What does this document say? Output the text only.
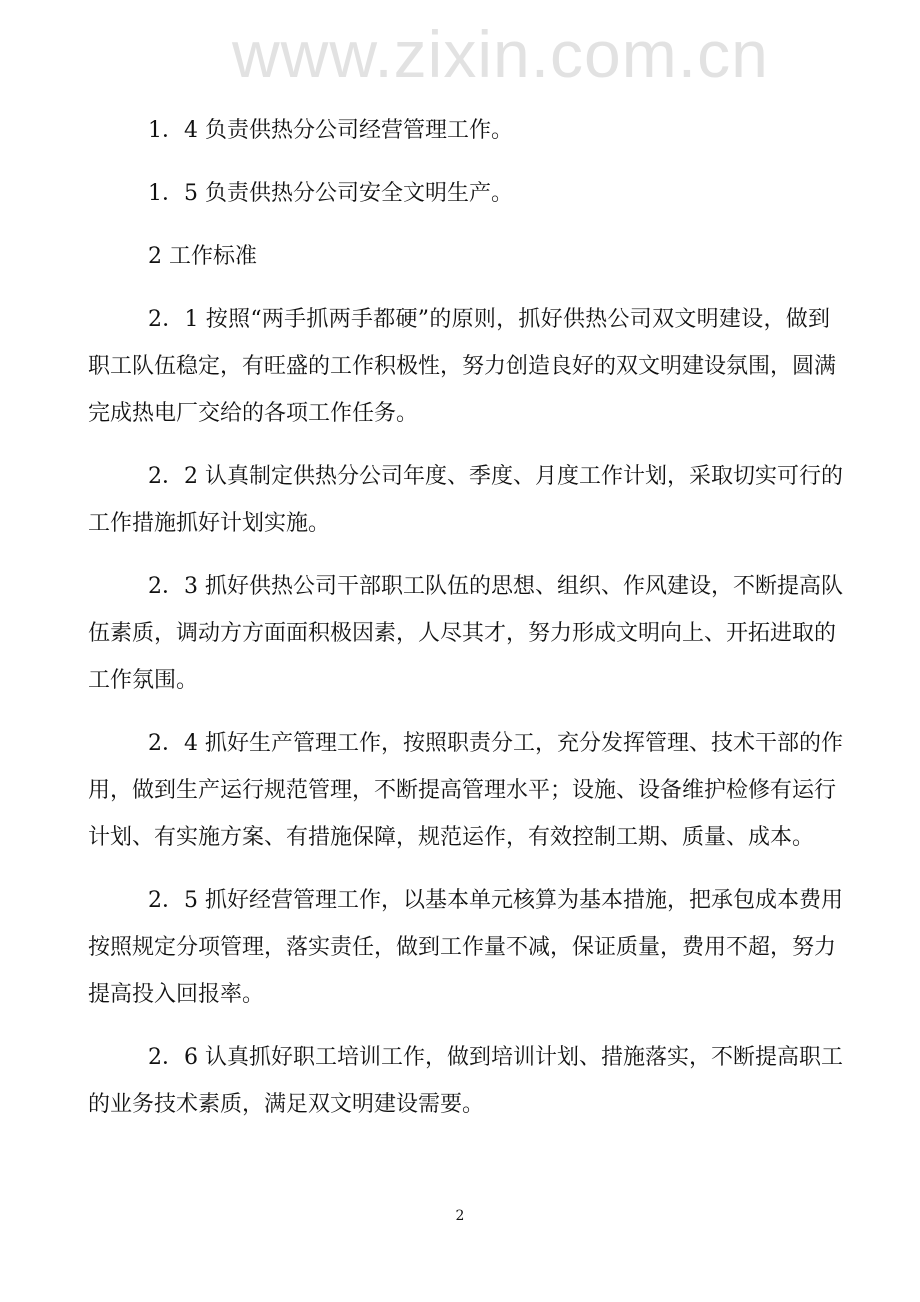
www.zixin.com.cn
1．4 负责供热分公司经营管理工作。
1．5 负责供热分公司安全文明生产。
2 工作标准
2．1 按照“两手抓两手都硬”的原则，抓好供热公司双文明建设，做到
职工队伍稳定，有旺盛的工作积极性，努力创造良好的双文明建设氛围，圆满
完成热电厂交给的各项工作任务。
2．2 认真制定供热分公司年度、季度、月度工作计划，采取切实可行的
工作措施抓好计划实施。
2．3 抓好供热公司干部职工队伍的思想、组织、作风建设，不断提高队
伍素质，调动方方面面积极因素，人尽其才，努力形成文明向上、开拓进取的
工作氛围。
2．4 抓好生产管理工作，按照职责分工，充分发挥管理、技术干部的作
用，做到生产运行规范管理，不断提高管理水平；设施、设备维护检修有运行
计划、有实施方案、有措施保障，规范运作，有效控制工期、质量、成本。
2．5 抓好经营管理工作，以基本单元核算为基本措施，把承包成本费用
按照规定分项管理，落实责任，做到工作量不减，保证质量，费用不超，努力
提高投入回报率。
2．6 认真抓好职工培训工作，做到培训计划、措施落实，不断提高职工
的业务技术素质，满足双文明建设需要。
2
